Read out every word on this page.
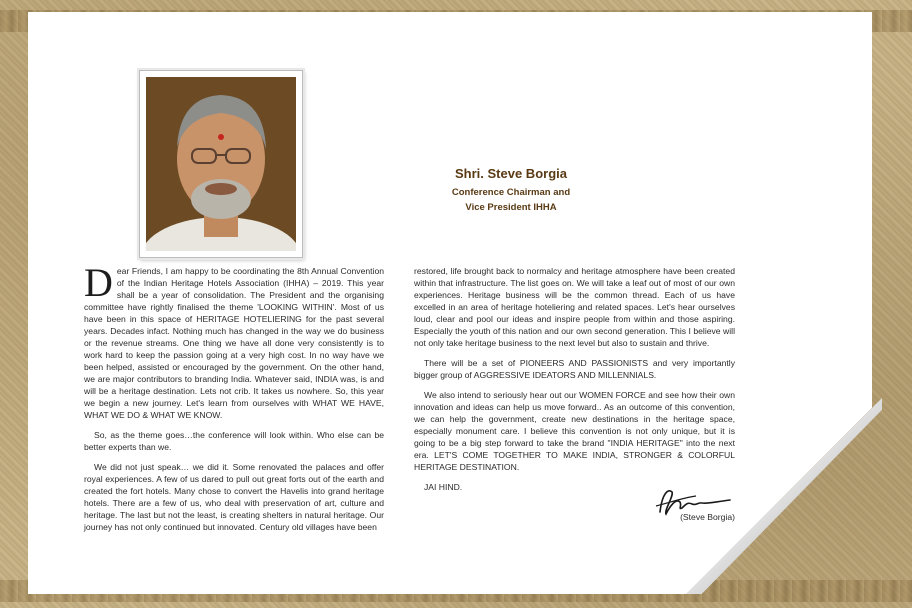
Shri. Steve Borgia
Conference Chairman and
Vice President IHHA

Dear Friends, I am happy to be coordinating the 8th Annual Convention of the Indian Heritage Hotels Association (IHHA) – 2019. This year shall be a year of consolidation. The President and the organising committee have rightly finalised the theme 'LOOKING WITHIN'. Most of us have been in this space of HERITAGE HOTELIERING for the past several years. Decades infact. Nothing much has changed in the way we do business or the revenue streams. One thing we have all done very consistently is to work hard to keep the passion going at a very high cost. In no way have we been helped, assisted or encouraged by the government. On the other hand, we are major contributors to branding India. Whatever said, INDIA was, is and will be a heritage destination. Lets not crib. It takes us nowhere. So, this year we begin a new journey. Let's learn from ourselves with WHAT WE HAVE, WHAT WE DO & WHAT WE KNOW.

So, as the theme goes…the conference will look within. Who else can be better experts than we.

We did not just speak… we did it. Some renovated the palaces and offer royal experiences. A few of us dared to pull out great forts out of the earth and created the fort hotels. Many chose to convert the Havelis into grand heritage hotels. There are a few of us, who deal with preservation of art, culture and heritage. The last but not the least, is creating shelters in natural heritage. Our journey has not only continued but innovated. Century old villages have been

restored, life brought back to normalcy and heritage atmosphere have been created within that infrastructure. The list goes on. We will take a leaf out of most of our own experiences. Heritage business will be the common thread. Each of us have excelled in an area of heritage hoteliering and related spaces. Let's hear ourselves loud, clear and pool our ideas and inspire people from within and those aspiring. Especially the youth of this nation and our own second generation. This I believe will not only take heritage business to the next level but also to sustain and thrive.

There will be a set of PIONEERS AND PASSIONISTS and very importantly bigger group of AGGRESSIVE IDEATORS AND MILLENNIALS.

We also intend to seriously hear out our WOMEN FORCE and see how their own innovation and ideas can help us move forward.. As an outcome of this convention, we can help the government, create new destinations in the heritage space, especially monument care. I believe this convention is not only unique, but it is going to be a big step forward to take the brand "INDIA HERITAGE" into the next era. LET'S COME TOGETHER TO MAKE INDIA, STRONGER & COLORFUL HERITAGE DESTINATION.

JAI HIND.

(Steve Borgia)
